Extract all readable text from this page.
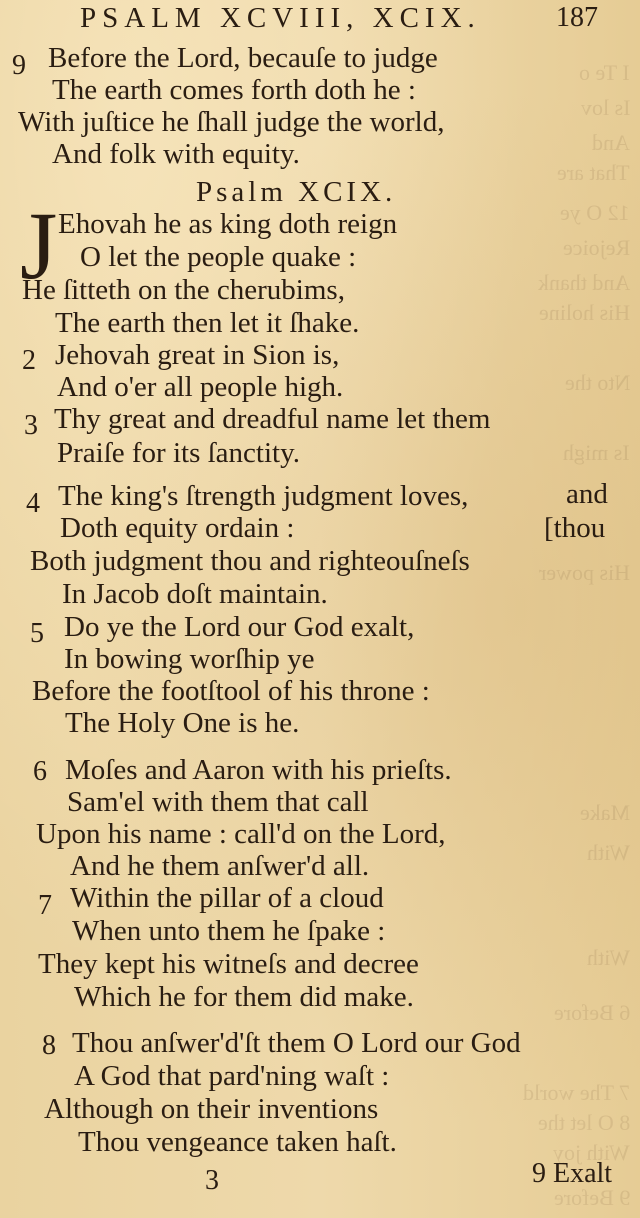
I Te o
Is lov
And
That are
12 O ye
Rejoice
And thank
His holine
Nto the
Is migh
His power
Make
With
With
6 Before
7 The world
8 O let the
With joy
9 Before
PSALM XCVIII, XCIX.	187
9 Before the Lord, becauſe to judge
The earth comes forth doth he :
With juſtice he ſhall judge the world,
And folk with equity.
Psalm XCIX.
J Ehovah he as king doth reign
O let the people quake :
He ſitteth on the cherubims,
The earth then let it ſhake.
2 Jehovah great in Sion is,
And o'er all people high.
3 Thy great and dreadful name let them
Praiſe for its ſanctity.
4 The king's ſtrength judgment loves,	and
Doth equity ordain :	[thou
Both judgment thou and righteouſneſs
In Jacob doſt maintain.
5 Do ye the Lord our God exalt,
In bowing worſhip ye
Before the footſtool of his throne :
The Holy One is he.
6 Moſes and Aaron with his prieſts.
Sam'el with them that call
Upon his name : call'd on the Lord,
And he them anſwer'd all.
7 Within the pillar of a cloud
When unto them he ſpake :
They kept his witneſs and decree
Which he for them did make.
8 Thou anſwer'd'ſt them O Lord our God
A God that pard'ning waſt :
Although on their inventions
Thou vengeance taken haſt.
3	9 Exalt
